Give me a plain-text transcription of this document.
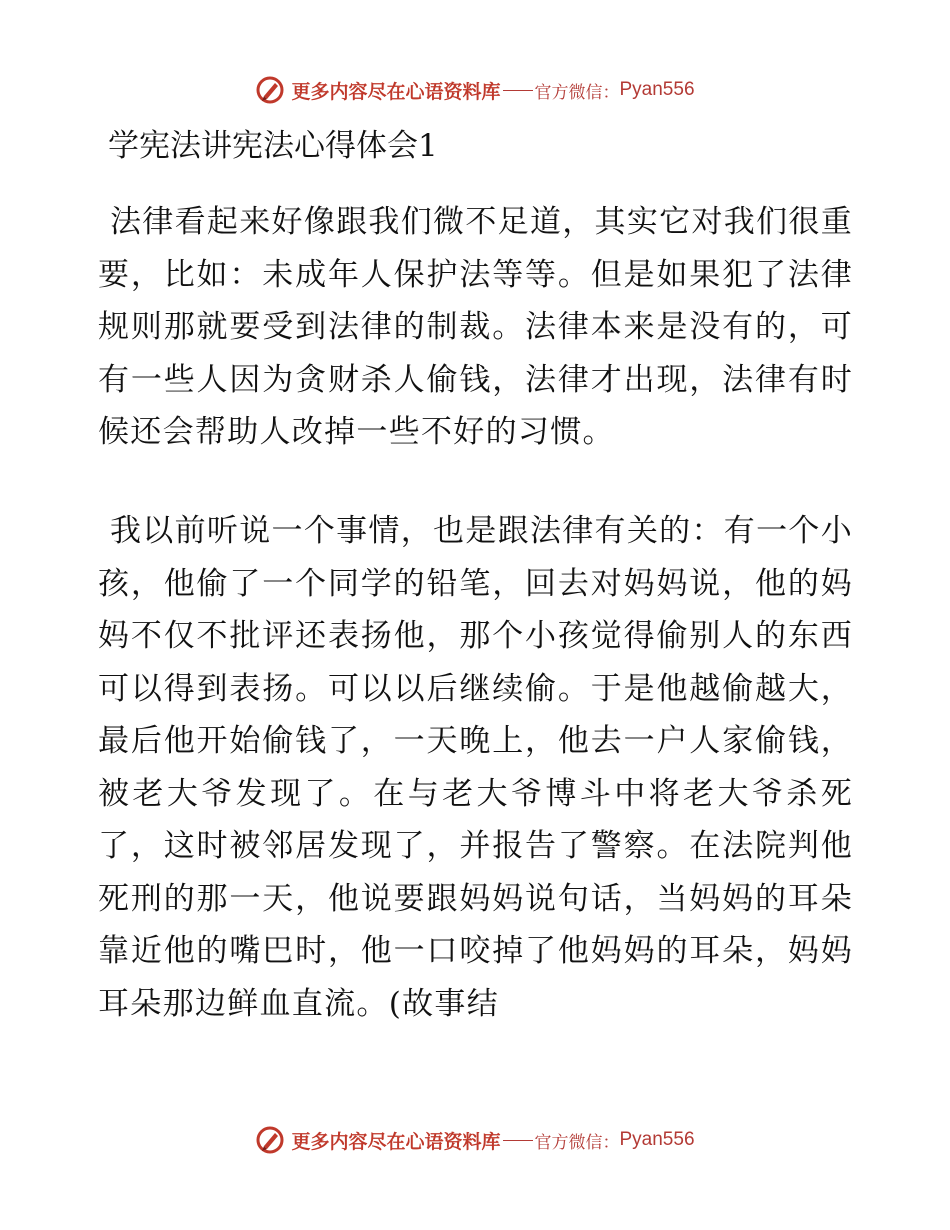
更多内容尽在心语资料库 官方微信： Pyan556
学宪法讲宪法心得体会1

法律看起来好像跟我们微不足道，其实它对我们很重要，比如：未成年人保护法等等。但是如果犯了法律规则那就要受到法律的制裁。法律本来是没有的，可有一些人因为贪财杀人偷钱，法律才出现，法律有时候还会帮助人改掉一些不好的习惯。

我以前听说一个事情，也是跟法律有关的：有一个小孩，他偷了一个同学的铅笔，回去对妈妈说，他的妈妈不仅不批评还表扬他，那个小孩觉得偷别人的东西可以得到表扬。可以以后继续偷。于是他越偷越大，最后他开始偷钱了，一天晚上，他去一户人家偷钱，被老大爷发现了。在与老大爷博斗中将老大爷杀死了，这时被邻居发现了，并报告了警察。在法院判他死刑的那一天，他说要跟妈妈说句话，当妈妈的耳朵靠近他的嘴巴时，他一口咬掉了他妈妈的耳朵，妈妈耳朵那边鲜血直流。(故事结

更多内容尽在心语资料库 官方微信： Pyan556
